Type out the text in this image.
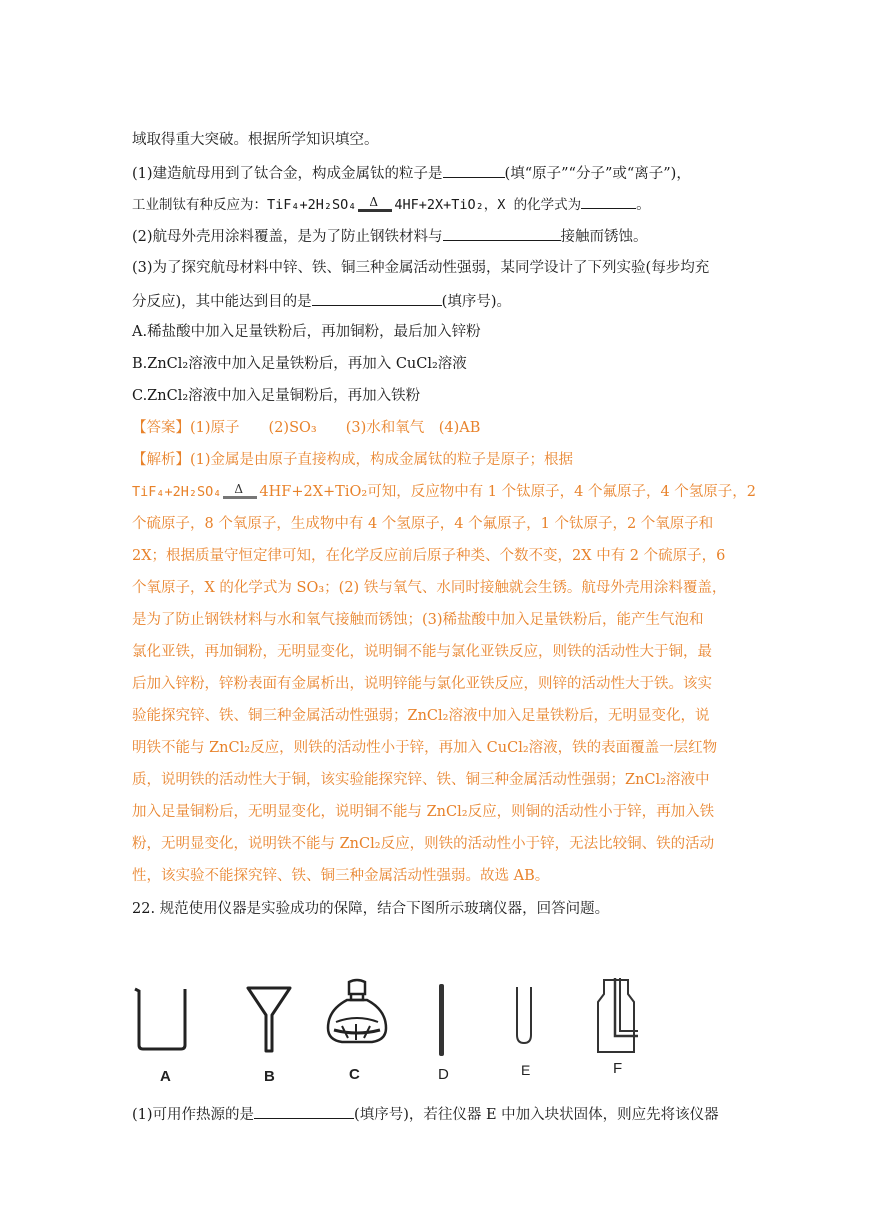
域取得重大突破。根据所学知识填空。
(1)建造航母用到了钛合金，构成金属钛的粒子是	(填“原子”“分子”或“离子”)，
工业制钛有种反应为：TiF₄+2H₂SO₄ Δ 4HF+2X+TiO₂，X 的化学式为	。
(2)航母外壳用涂料覆盖，是为了防止钢铁材料与	接触而锈蚀。
(3)为了探究航母材料中锌、铁、铜三种金属活动性强弱，某同学设计了下列实验(每步均充
分反应)，其中能达到目的是	(填序号)。
A.稀盐酸中加入足量铁粉后，再加铜粉，最后加入锌粉
B.ZnCl₂溶液中加入足量铁粉后，再加入 CuCl₂溶液
C.ZnCl₂溶液中加入足量铜粉后，再加入铁粉
【答案】(1)原子　　(2)SO₃　　(3)水和氧气　(4)AB
【解析】(1)金属是由原子直接构成，构成金属钛的粒子是原子；根据
TiF₄+2H₂SO₄ Δ 4HF+2X+TiO₂可知，反应物中有 1 个钛原子，4 个氟原子，4 个氢原子，2
个硫原子，8 个氧原子，生成物中有 4 个氢原子，4 个氟原子，1 个钛原子，2 个氧原子和
2X；根据质量守恒定律可知，在化学反应前后原子种类、个数不变，2X 中有 2 个硫原子，6
个氧原子，X 的化学式为 SO₃；(2) 铁与氧气、水同时接触就会生锈。航母外壳用涂料覆盖，
是为了防止钢铁材料与水和氧气接触而锈蚀；(3)稀盐酸中加入足量铁粉后，能产生气泡和
氯化亚铁，再加铜粉，无明显变化，说明铜不能与氯化亚铁反应，则铁的活动性大于铜，最
后加入锌粉，锌粉表面有金属析出，说明锌能与氯化亚铁反应，则锌的活动性大于铁。该实
验能探究锌、铁、铜三种金属活动性强弱；ZnCl₂溶液中加入足量铁粉后，无明显变化，说
明铁不能与 ZnCl₂反应，则铁的活动性小于锌，再加入 CuCl₂溶液，铁的表面覆盖一层红物
质，说明铁的活动性大于铜，该实验能探究锌、铁、铜三种金属活动性强弱；ZnCl₂溶液中
加入足量铜粉后，无明显变化，说明铜不能与 ZnCl₂反应，则铜的活动性小于锌，再加入铁
粉，无明显变化，说明铁不能与 ZnCl₂反应，则铁的活动性小于锌，无法比较铜、铁的活动
性，该实验不能探究锌、铁、铜三种金属活动性强弱。故选 AB。
22. 规范使用仪器是实验成功的保障，结合下图所示玻璃仪器，回答问题。
A	B	C	D	E	F
(1)可用作热源的是	(填序号)，若往仪器 E 中加入块状固体，则应先将该仪器
